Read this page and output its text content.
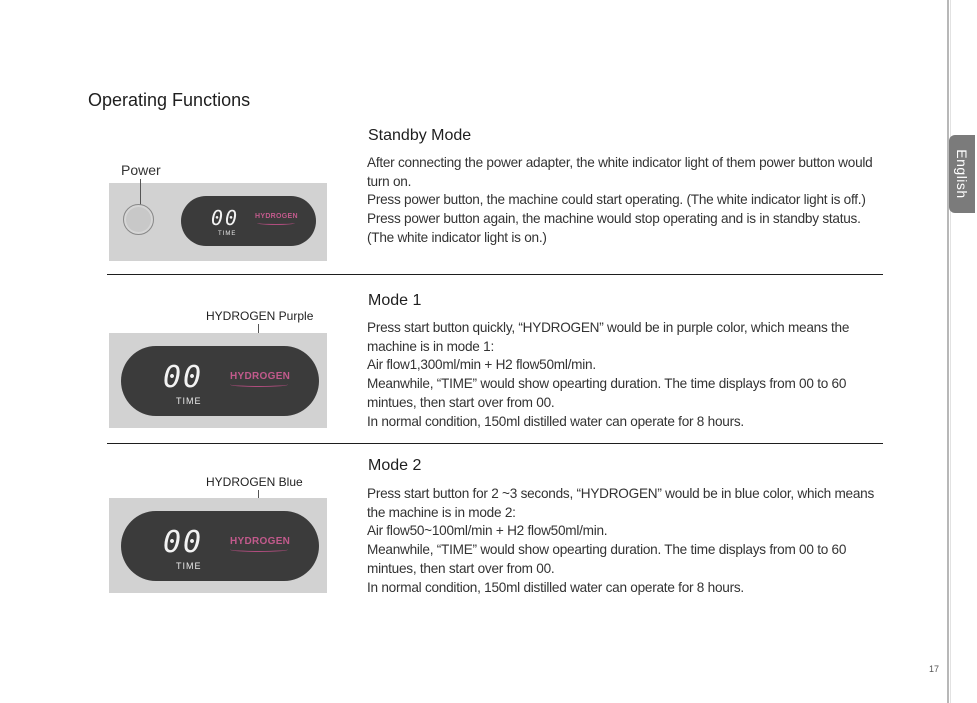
Operating Functions
English
Standby Mode

After connecting the power adapter, the white indicator light of them power button would turn on.

Press power button, the machine could start operating. (The white indicator light is off.)

Press power button again, the machine would stop operating and is in standby status. (The white indicator light is on.)

Power
00
TIME
HYDROGEN
Mode 1

Press start button quickly, “HYDROGEN” would be in purple color, which means the machine is in mode 1:

Air flow1,300ml/min + H2 flow50ml/min.

Meanwhile, “TIME” would show opearting duration. The time displays from 00 to 60 mintues, then start over from 00.

In normal condition, 150ml distilled water can operate for 8 hours.

HYDROGEN Purple
00
TIME
HYDROGEN
Mode 2

Press start button for 2 ~3 seconds, “HYDROGEN” would be in blue color, which means the machine is in mode 2:

Air flow50~100ml/min + H2 flow50ml/min.

Meanwhile, “TIME” would show opearting duration. The time displays from 00 to 60 mintues, then start over from 00.

In normal condition, 150ml distilled water can operate for 8 hours.

HYDROGEN Blue
00
TIME
HYDROGEN
17
